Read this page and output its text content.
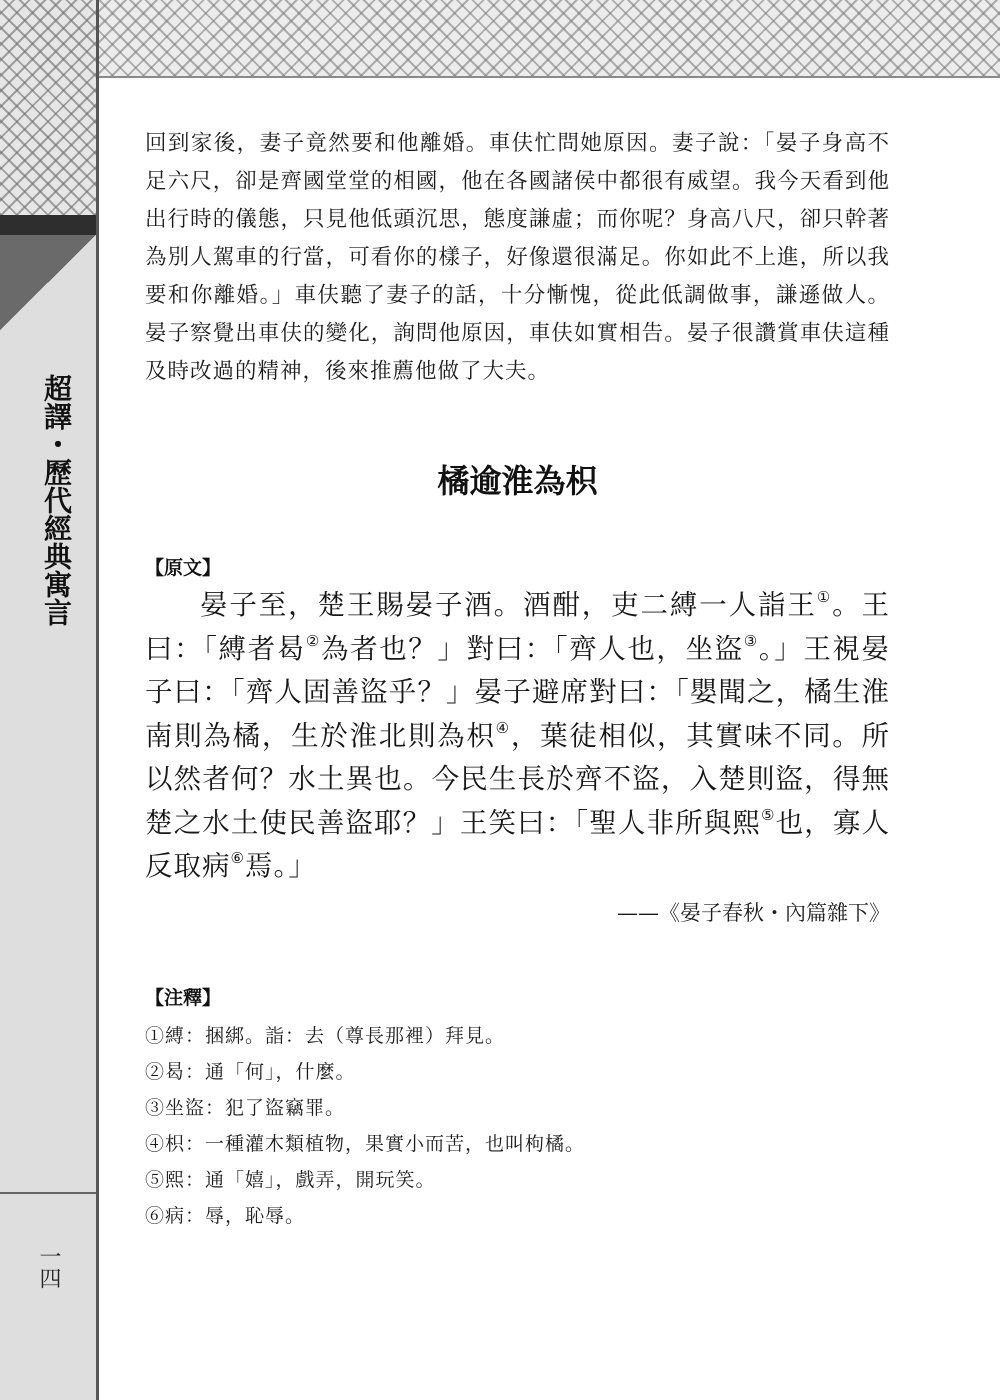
超譯・歷代經典寓言
一四

回到家後，妻子竟然要和他離婚。車伕忙問她原因。妻子說：「晏子身高不足六尺，卻是齊國堂堂的相國，他在各國諸侯中都很有威望。我今天看到他出行時的儀態，只見他低頭沉思，態度謙虛；而你呢？身高八尺，卻只幹著為別人駕車的行當，可看你的樣子，好像還很滿足。你如此不上進，所以我要和你離婚。」車伕聽了妻子的話，十分慚愧，從此低調做事，謙遜做人。晏子察覺出車伕的變化，詢問他原因，車伕如實相告。晏子很讚賞車伕這種及時改過的精神，後來推薦他做了大夫。

橘逾淮為枳
【原文】

晏子至，楚王賜晏子酒。酒酣，吏二縛一人詣王①。王曰：「縛者曷②為者也？」對曰：「齊人也，坐盜③。」王視晏子曰：「齊人固善盜乎？」晏子避席對曰：「嬰聞之，橘生淮南則為橘，生於淮北則為枳④，葉徒相似，其實味不同。所以然者何？水土異也。今民生長於齊不盜，入楚則盜，得無楚之水土使民善盜耶？」王笑曰：「聖人非所與熙⑤也，寡人反取病⑥焉。」

——《晏子春秋・內篇雜下》
【注釋】
①縛：捆綁。詣：去（尊長那裡）拜見。
②曷：通「何」，什麼。
③坐盜：犯了盜竊罪。
④枳：一種灌木類植物，果實小而苦，也叫枸橘。
⑤熙：通「嬉」，戲弄，開玩笑。
⑥病：辱，恥辱。
